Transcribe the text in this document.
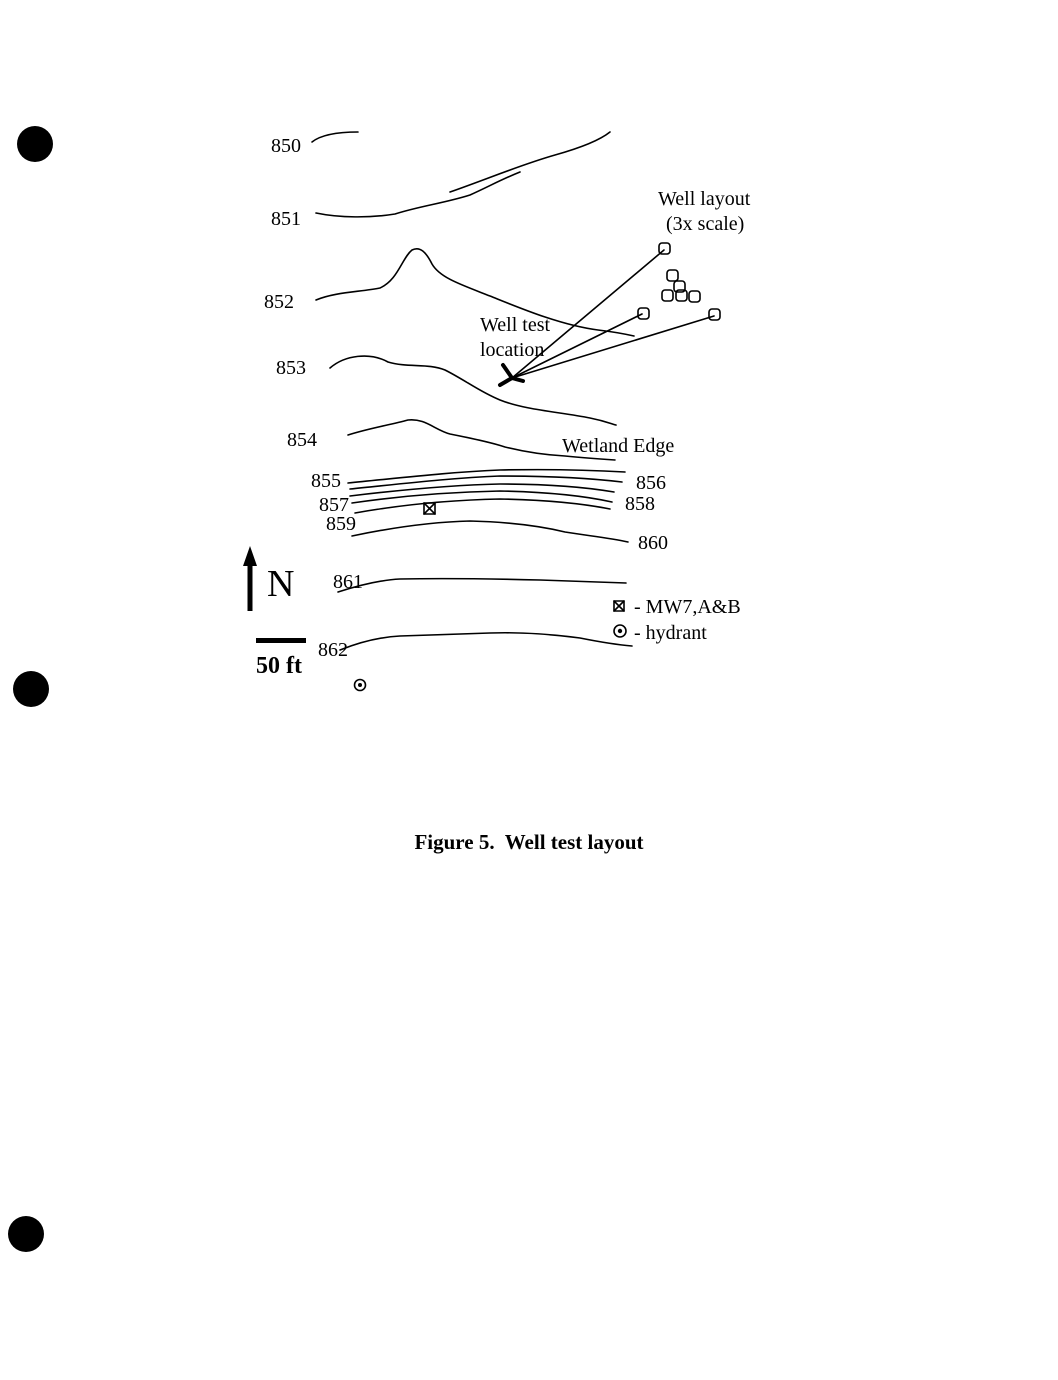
N
50 ft
850
851
852
853
854
855	856
857	858
859
860
861
862
Well layout
(3x scale)
Well test
location
Wetland Edge
- MW7,A&B
- hydrant
Figure 5. Well test layout
